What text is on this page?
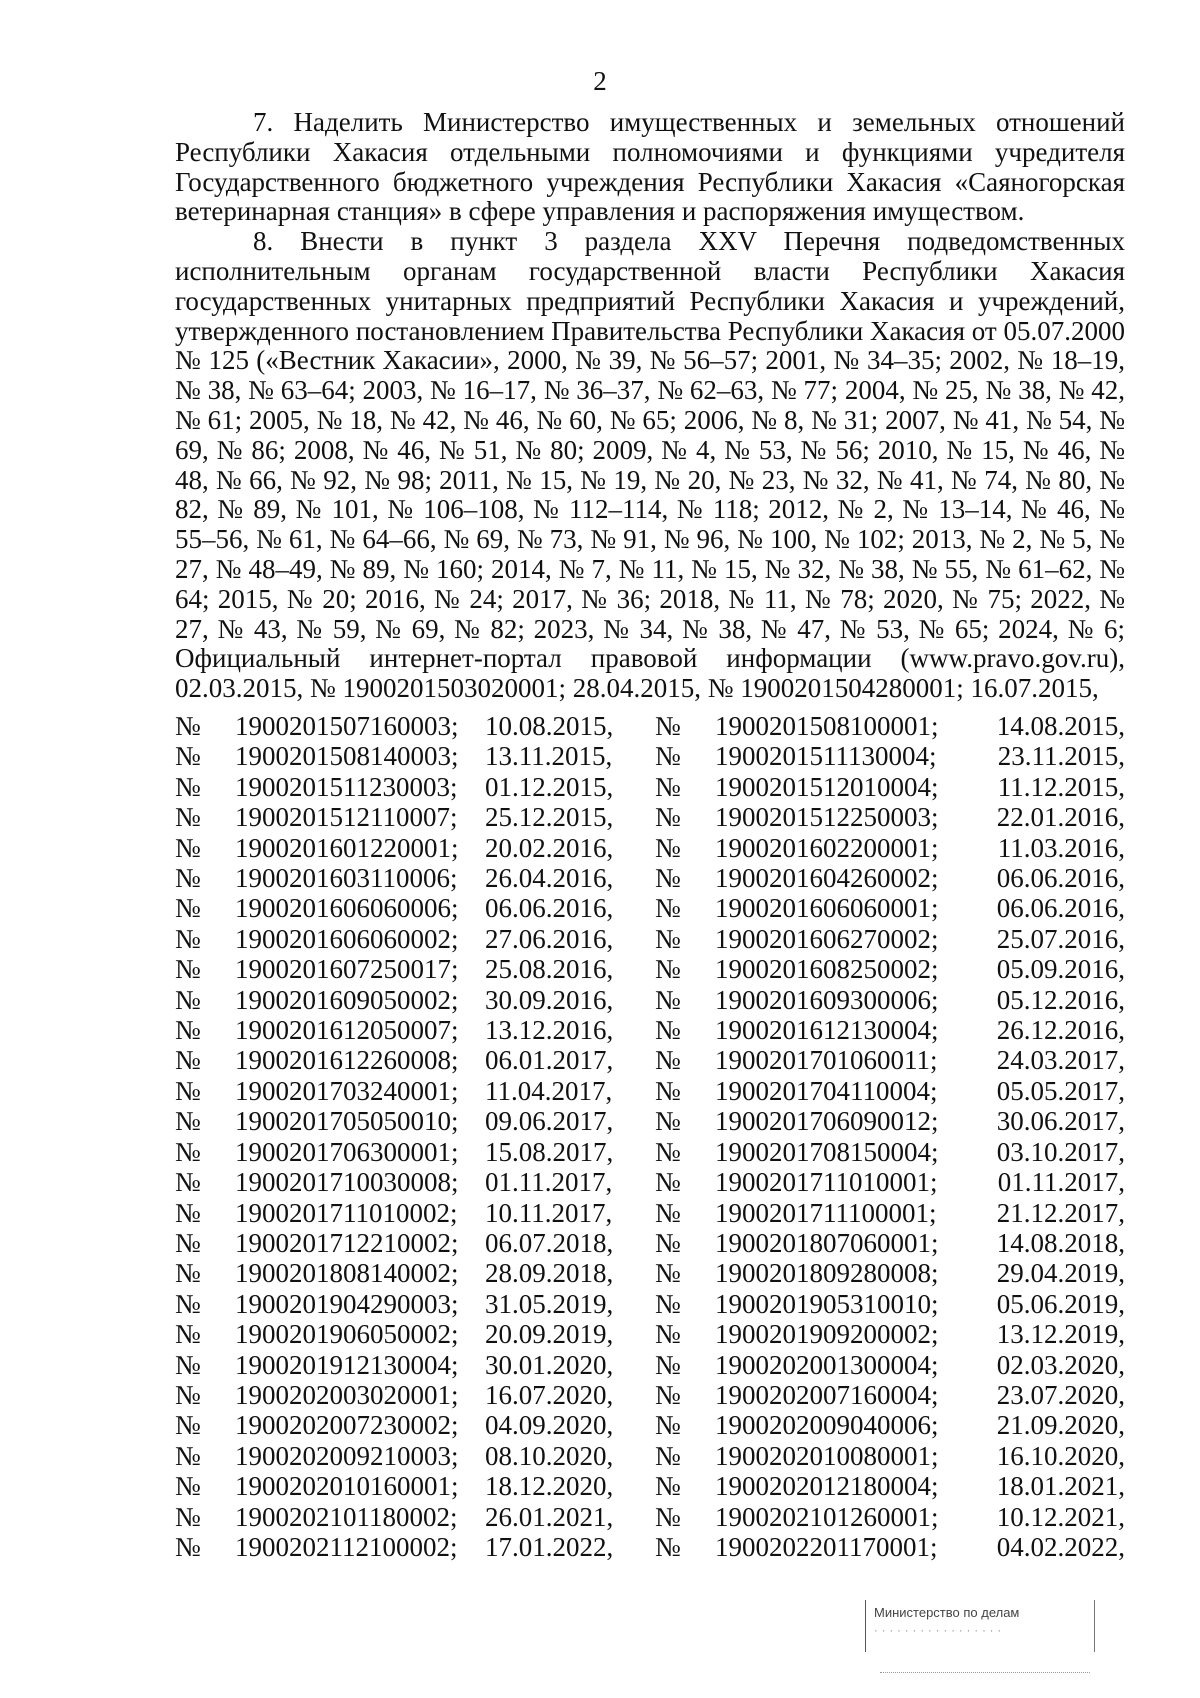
2

7. Наделить Министерство имущественных и земельных отношений Республики Хакасия отдельными полномочиями и функциями учредителя Государственного бюджетного учреждения Республики Хакасия «Саяногорская ветеринарная станция» в сфере управления и распоряжения имуществом.

8. Внести в пункт 3 раздела XXV Перечня подведомственных исполнительным органам государственной власти Республики Хакасия государственных унитарных предприятий Республики Хакасия и учреждений, утвержденного постановлением Правительства Республики Хакасия от 05.07.2000 № 125 («Вестник Хакасии», 2000, № 39, № 56–57; 2001, № 34–35; 2002, № 18–19, № 38, № 63–64; 2003, № 16–17, № 36–37, № 62–63, № 77; 2004, № 25, № 38, № 42, № 61; 2005, № 18, № 42, № 46, № 60, № 65; 2006, № 8, № 31; 2007, № 41, № 54, № 69, № 86; 2008, № 46, № 51, № 80; 2009, № 4, № 53, № 56; 2010, № 15, № 46, № 48, № 66, № 92, № 98; 2011, № 15, № 19, № 20, № 23, № 32, № 41, № 74, № 80, № 82, № 89, № 101, № 106–108, № 112–114, № 118; 2012, № 2, № 13–14, № 46, № 55–56, № 61, № 64–66, № 69, № 73, № 91, № 96, № 100, № 102; 2013, № 2, № 5, № 27, № 48–49, № 89, № 160; 2014, № 7, № 11, № 15, № 32, № 38, № 55, № 61–62, № 64; 2015, № 20; 2016, № 24; 2017, № 36; 2018, № 11, № 78; 2020, № 75; 2022, № 27, № 43, № 59, № 69, № 82; 2023, № 34, № 38, № 47, № 53, № 65; 2024, № 6; Официальный интернет-портал правовой информации (www.pravo.gov.ru), 02.03.2015, № 1900201503020001; 28.04.2015, № 1900201504280001; 16.07.2015,

№	1900201507160003;	10.08.2015,	№	1900201508100001;	14.08.2015,
№	1900201508140003;	13.11.2015,	№	1900201511130004;	23.11.2015,
№	1900201511230003;	01.12.2015,	№	1900201512010004;	11.12.2015,
№	1900201512110007;	25.12.2015,	№	1900201512250003;	22.01.2016,
№	1900201601220001;	20.02.2016,	№	1900201602200001;	11.03.2016,
№	1900201603110006;	26.04.2016,	№	1900201604260002;	06.06.2016,
№	1900201606060006;	06.06.2016,	№	1900201606060001;	06.06.2016,
№	1900201606060002;	27.06.2016,	№	1900201606270002;	25.07.2016,
№	1900201607250017;	25.08.2016,	№	1900201608250002;	05.09.2016,
№	1900201609050002;	30.09.2016,	№	1900201609300006;	05.12.2016,
№	1900201612050007;	13.12.2016,	№	1900201612130004;	26.12.2016,
№	1900201612260008;	06.01.2017,	№	1900201701060011;	24.03.2017,
№	1900201703240001;	11.04.2017,	№	1900201704110004;	05.05.2017,
№	1900201705050010;	09.06.2017,	№	1900201706090012;	30.06.2017,
№	1900201706300001;	15.08.2017,	№	1900201708150004;	03.10.2017,
№	1900201710030008;	01.11.2017,	№	1900201711010001;	01.11.2017,
№	1900201711010002;	10.11.2017,	№	1900201711100001;	21.12.2017,
№	1900201712210002;	06.07.2018,	№	1900201807060001;	14.08.2018,
№	1900201808140002;	28.09.2018,	№	1900201809280008;	29.04.2019,
№	1900201904290003;	31.05.2019,	№	1900201905310010;	05.06.2019,
№	1900201906050002;	20.09.2019,	№	1900201909200002;	13.12.2019,
№	1900201912130004;	30.01.2020,	№	1900202001300004;	02.03.2020,
№	1900202003020001;	16.07.2020,	№	1900202007160004;	23.07.2020,
№	1900202007230002;	04.09.2020,	№	1900202009040006;	21.09.2020,
№	1900202009210003;	08.10.2020,	№	1900202010080001;	16.10.2020,
№	1900202010160001;	18.12.2020,	№	1900202012180004;	18.01.2021,
№	1900202101180002;	26.01.2021,	№	1900202101260001;	10.12.2021,
№	1900202112100002;	17.01.2022,	№	1900202201170001;	04.02.2022,
Министерство по делам
· · · · · · · · · · · · · · · · ·
